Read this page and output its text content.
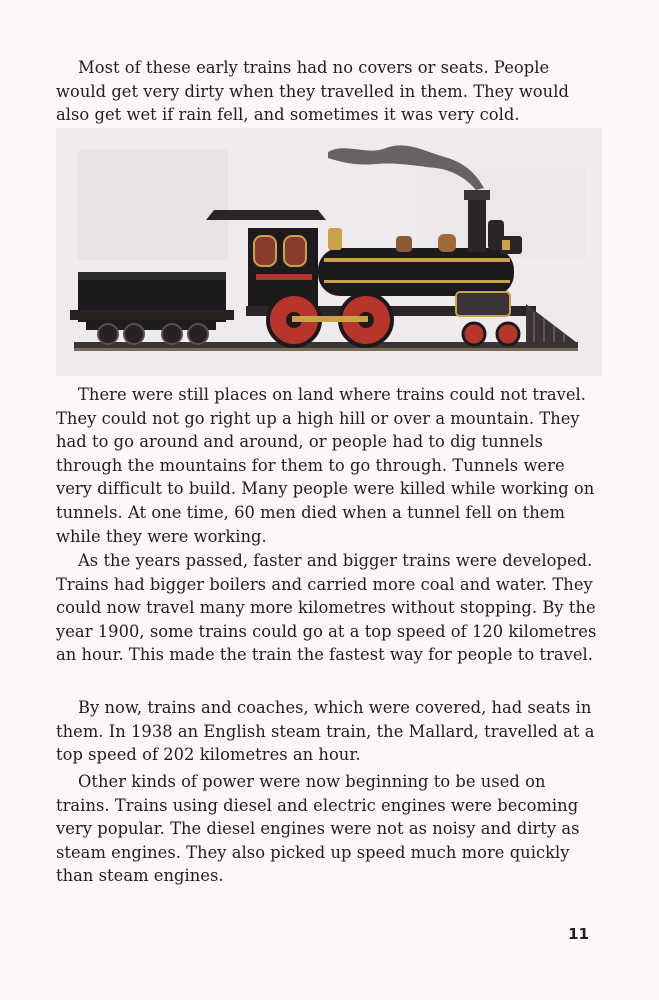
Most of these early trains had no covers or seats. People would get very dirty when they travelled in them. They would also get wet if rain fell, and sometimes it was very cold.

There were still places on land where trains could not travel. They could not go right up a high hill or over a mountain. They had to go around and around, or people had to dig tunnels through the mountains for them to go through. Tunnels were very difficult to build. Many people were killed while working on tunnels. At one time, 60 men died when a tunnel fell on them while they were working.

As the years passed, faster and bigger trains were developed. Trains had bigger boilers and carried more coal and water. They could now travel many more kilometres without stopping. By the year 1900, some trains could go at a top speed of 120 kilometres an hour. This made the train the fastest way for people to travel.

By now, trains and coaches, which were covered, had seats in them. In 1938 an English steam train, the Mallard, travelled at a top speed of 202 kilometres an hour.

Other kinds of power were now beginning to be used on trains. Trains using diesel and electric engines were becoming very popular. The diesel engines were not as noisy and dirty as steam engines. They also picked up speed much more quickly than steam engines.

11
